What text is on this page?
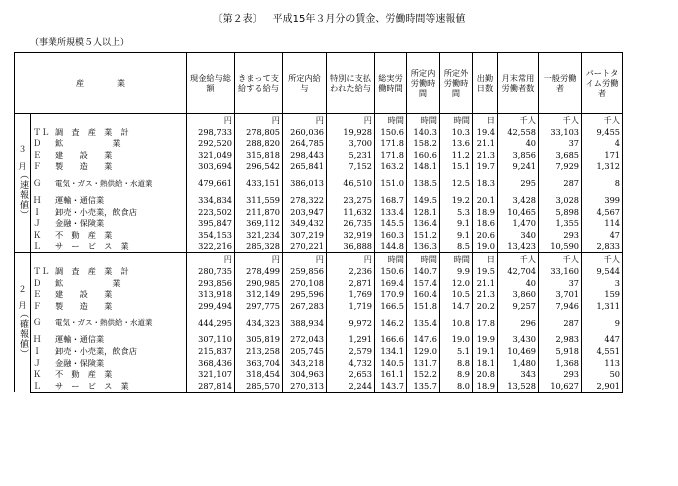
〔第２表〕 平成15年３月分の賃金、労働時間等速報値
（事業所規模５人以上）
産　　　　業		現金給与総額	きまって支給する給与	所定内給与	特別に支払われた給与	総実労働時間	所定内労働時間	所定外労働時間	出勤日数	月末常用労働者数	一般労働者	パートタイム労働者
３

月
（速報値）		円	円	円	円	時間	時間	時間	日	千人	千人	千人
	ＴＬ 調　査　産　業　計	298,733	278,805	260,036	19,928	150.6	140.3	10.3	19.4	42,558	33,103	9,455
	Ｄ 鉱　　　　　　業	292,520	288,820	264,785	3,700	171.8	158.2	13.6	21.1	40	37	4
	Ｅ 建　　設　　業	321,049	315,818	298,443	5,231	171.8	160.6	11.2	21.3	3,856	3,685	171
	Ｆ 製　　造　　業	303,694	296,542	265,841	7,152	163.2	148.1	15.1	19.7	9,241	7,929	1,312
	Ｇ 電気・ガス・熱供給・水道業	479,661	433,151	386,013	46,510	151.0	138.5	12.5	18.3	295	287	8
	Ｈ 運輸・通信業	334,834	311,559	278,322	23,275	168.7	149.5	19.2	20.1	3,428	3,028	399
	Ｉ 卸売・小売業，飲食店	223,502	211,870	203,947	11,632	133.4	128.1	5.3	18.9	10,465	5,898	4,567
	Ｊ 金融・保険業	395,847	369,112	349,432	26,735	145.5	136.4	9.1	18.6	1,470	1,355	114
	Ｋ 不　動　産　業	354,153	321,234	307,219	32,919	160.3	151.2	9.1	20.6	340	293	47
	Ｌ サ　ー　ビ　ス　業	322,216	285,328	270,221	36,888	144.8	136.3	8.5	19.0	13,423	10,590	2,833
２

月
（確報値）		円	円	円	円	時間	時間	時間	日	千人	千人	千人
	ＴＬ 調　査　産　業　計	280,735	278,499	259,856	2,236	150.6	140.7	9.9	19.5	42,704	33,160	9,544
	Ｄ 鉱　　　　　　業	293,856	290,985	270,108	2,871	169.4	157.4	12.0	21.1	40	37	3
	Ｅ 建　　設　　業	313,918	312,149	295,596	1,769	170.9	160.4	10.5	21.3	3,860	3,701	159
	Ｆ 製　　造　　業	299,494	297,775	267,283	1,719	166.5	151.8	14.7	20.2	9,257	7,946	1,311
	Ｇ 電気・ガス・熱供給・水道業	444,295	434,323	388,934	9,972	146.2	135.4	10.8	17.8	296	287	9
	Ｈ 運輸・通信業	307,110	305,819	272,043	1,291	166.6	147.6	19.0	19.9	3,430	2,983	447
	Ｉ 卸売・小売業，飲食店	215,837	213,258	205,745	2,579	134.1	129.0	5.1	19.1	10,469	5,918	4,551
	Ｊ 金融・保険業	368,436	363,704	343,218	4,732	140.5	131.7	8.8	18.1	1,480	1,368	113
	Ｋ 不　動　産　業	321,107	318,454	304,963	2,653	161.1	152.2	8.9	20.8	343	293	50
	Ｌ サ　ー　ビ　ス　業	287,814	285,570	270,313	2,244	143.7	135.7	8.0	18.9	13,528	10,627	2,901
